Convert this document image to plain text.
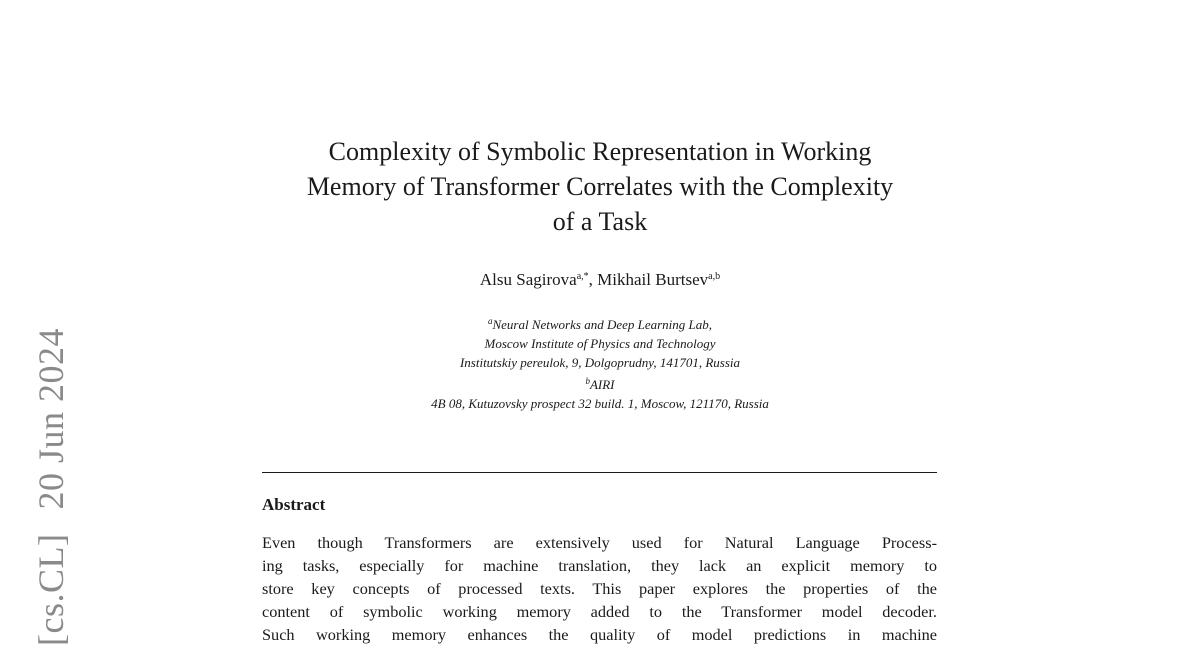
[cs.CL]20 Jun 2024
Complexity of Symbolic Representation in Working
Memory of Transformer Correlates with the Complexity
of a Task
Alsu Sagirova$^{a,*}$, Mikhail Burtsev$^{a,b}$
$^a$Neural Networks and Deep Learning Lab,
Moscow Institute of Physics and Technology
Institutskiy pereulok, 9, Dolgoprudny, 141701, Russia
$^b$AIRI
4B 08, Kutuzovsky prospect 32 build. 1, Moscow, 121170, Russia
Abstract
Even though Transformers are extensively used for Natural Language Process-
ing tasks, especially for machine translation, they lack an explicit memory to
store key concepts of processed texts. This paper explores the properties of the
content of symbolic working memory added to the Transformer model decoder.
Such working memory enhances the quality of model predictions in machine
